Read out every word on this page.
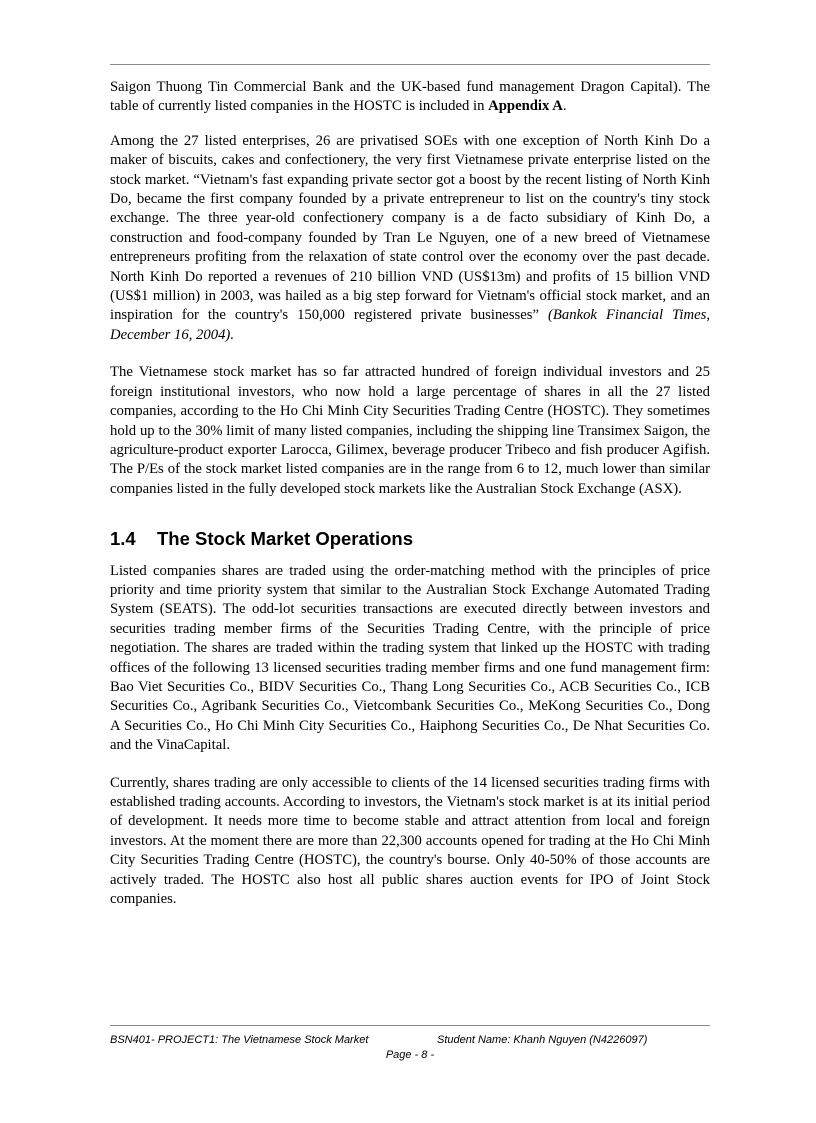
Saigon Thuong Tin Commercial Bank and the UK-based fund management Dragon Capital). The table of currently listed companies in the HOSTC is included in Appendix A.

Among the 27 listed enterprises, 26 are privatised SOEs with one exception of North Kinh Do a maker of biscuits, cakes and confectionery, the very first Vietnamese private enterprise listed on the stock market. “Vietnam's fast expanding private sector got a boost by the recent listing of North Kinh Do, became the first company founded by a private entrepreneur to list on the country's tiny stock exchange. The three year-old confectionery company is a de facto subsidiary of Kinh Do, a construction and food-company founded by Tran Le Nguyen, one of a new breed of Vietnamese entrepreneurs profiting from the relaxation of state control over the economy over the past decade. North Kinh Do reported a revenues of 210 billion VND (US$13m) and profits of 15 billion VND (US$1 million) in 2003, was hailed as a big step forward for Vietnam's official stock market, and an inspiration for the country's 150,000 registered private businesses” (Bankok Financial Times, December 16, 2004).

The Vietnamese stock market has so far attracted hundred of foreign individual investors and 25 foreign institutional investors, who now hold a large percentage of shares in all the 27 listed companies, according to the Ho Chi Minh City Securities Trading Centre (HOSTC). They sometimes hold up to the 30% limit of many listed companies, including the shipping line Transimex Saigon, the agriculture-product exporter Larocca, Gilimex, beverage producer Tribeco and fish producer Agifish. The P/Es of the stock market listed companies are in the range from 6 to 12, much lower than similar companies listed in the fully developed stock markets like the Australian Stock Exchange (ASX).

1.4 The Stock Market Operations

Listed companies shares are traded using the order-matching method with the principles of price priority and time priority system that similar to the Australian Stock Exchange Automated Trading System (SEATS). The odd-lot securities transactions are executed directly between investors and securities trading member firms of the Securities Trading Centre, with the principle of price negotiation. The shares are traded within the trading system that linked up the HOSTC with trading offices of the following 13 licensed securities trading member firms and one fund management firm: Bao Viet Securities Co., BIDV Securities Co., Thang Long Securities Co., ACB Securities Co., ICB Securities Co., Agribank Securities Co., Vietcombank Securities Co., MeKong Securities Co., Dong A Securities Co., Ho Chi Minh City Securities Co., Haiphong Securities Co., De Nhat Securities Co. and the VinaCapital.

Currently, shares trading are only accessible to clients of the 14 licensed securities trading firms with established trading accounts. According to investors, the Vietnam's stock market is at its initial period of development. It needs more time to become stable and attract attention from local and foreign investors. At the moment there are more than 22,300 accounts opened for trading at the Ho Chi Minh City Securities Trading Centre (HOSTC), the country's bourse. Only 40-50% of those accounts are actively traded. The HOSTC also host all public shares auction events for IPO of Joint Stock companies.

BSN401- PROJECT1: The Vietnamese Stock Market	Student Name: Khanh Nguyen (N4226097)
Page - 8 -
